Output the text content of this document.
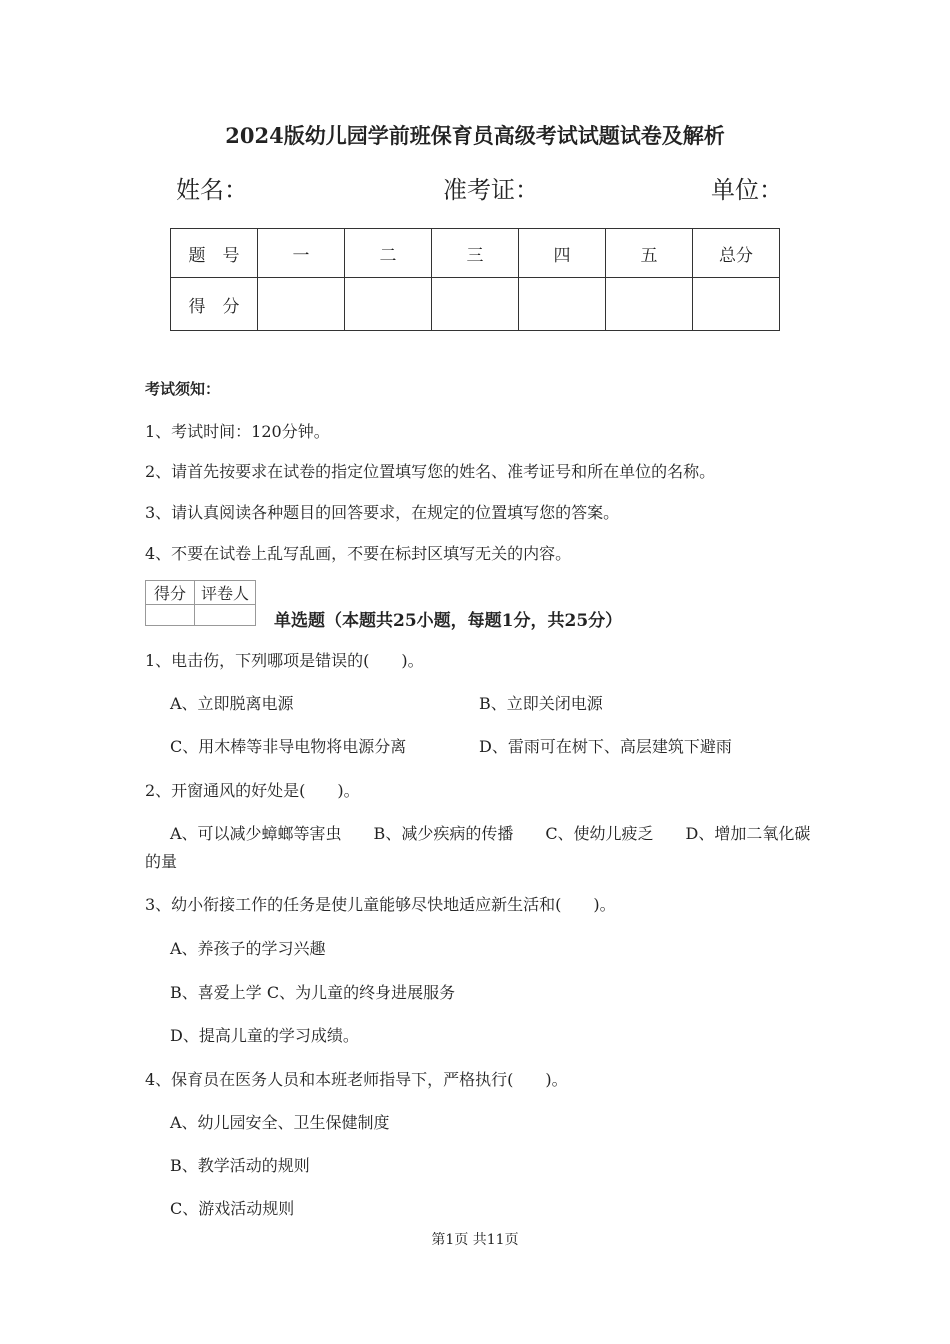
2024版幼儿园学前班保育员高级考试试题试卷及解析
姓名：	准考证：	单位：
题　号	一	二	三	四	五	总分
得　分						
考试须知：
1、考试时间：120分钟。
2、请首先按要求在试卷的指定位置填写您的姓名、准考证号和所在单位的名称。
3、请认真阅读各种题目的回答要求，在规定的位置填写您的答案。
4、不要在试卷上乱写乱画，不要在标封区填写无关的内容。
得分	评卷人

单选题（本题共25小题，每题1分，共25分）
1、电击伤，下列哪项是错误的(　　)。
A、立即脱离电源	B、立即关闭电源
C、用木棒等非导电物将电源分离	D、雷雨可在树下、高层建筑下避雨
2、开窗通风的好处是(　　)。
A、可以减少蟑螂等害虫　　B、减少疾病的传播　　C、使幼儿疲乏　　D、增加二氧化碳
的量
3、幼小衔接工作的任务是使儿童能够尽快地适应新生活和(　　)。
A、养孩子的学习兴趣
B、喜爱上学 C、为儿童的终身进展服务
D、提高儿童的学习成绩。
4、保育员在医务人员和本班老师指导下，严格执行(　　)。
A、幼儿园安全、卫生保健制度
B、教学活动的规则
C、游戏活动规则
第1页 共11页
